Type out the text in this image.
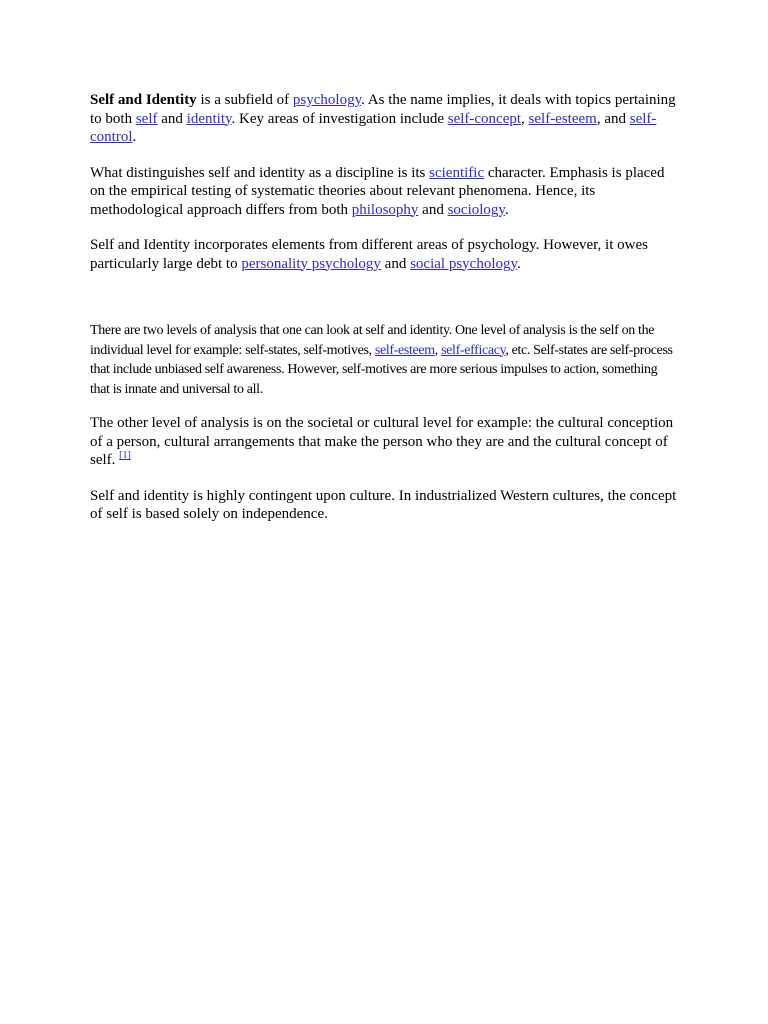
Self and Identity is a subfield of psychology. As the name implies, it deals with topics pertaining to both self and identity. Key areas of investigation include self-concept, self-esteem, and self-control.

What distinguishes self and identity as a discipline is its scientific character. Emphasis is placed on the empirical testing of systematic theories about relevant phenomena. Hence, its methodological approach differs from both philosophy and sociology.

Self and Identity incorporates elements from different areas of psychology. However, it owes particularly large debt to personality psychology and social psychology.

There are two levels of analysis that one can look at self and identity. One level of analysis is the self on the individual level for example: self-states, self-motives, self-esteem, self-efficacy, etc. Self-states are self-process that include unbiased self awareness. However, self-motives are more serious impulses to action, something that is innate and universal to all.

The other level of analysis is on the societal or cultural level for example: the cultural conception of a person, cultural arrangements that make the person who they are and the cultural concept of self. [1]

Self and identity is highly contingent upon culture. In industrialized Western cultures, the concept of self is based solely on independence.
